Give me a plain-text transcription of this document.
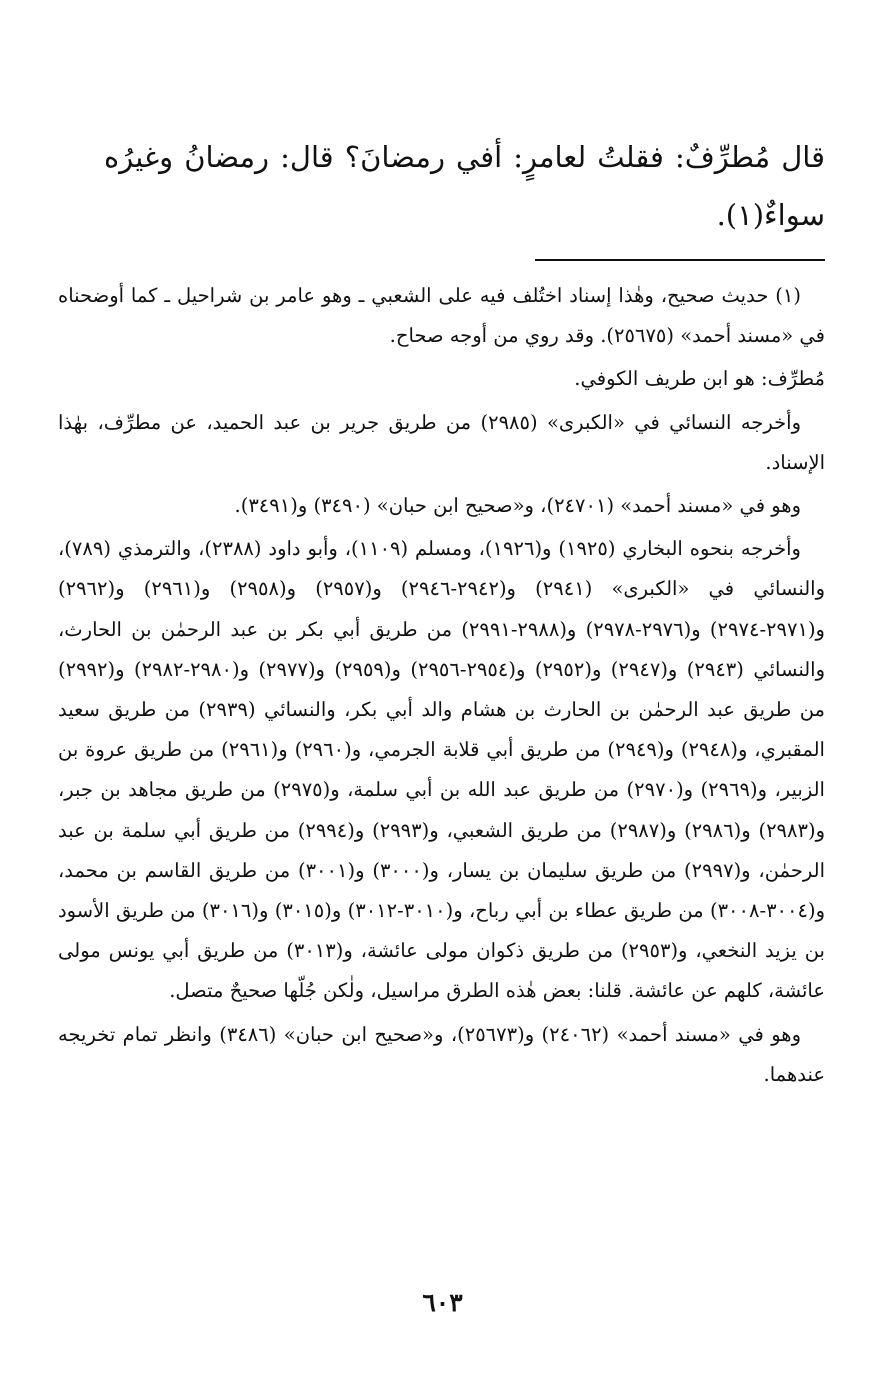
قال مُطرِّفٌ: فقلتُ لعامرٍ: أفي رمضانَ؟ قال: رمضانُ وغيرُه سواءٌ(١).

(١) حديث صحيح، وهٰذا إسناد اختُلف فيه على الشعبي ـ وهو عامر بن شراحيل ـ كما أوضحناه في «مسند أحمد» (٢٥٦٧٥). وقد روي من أوجه صحاح.

مُطرِّف: هو ابن طريف الكوفي.

وأخرجه النسائي في «الكبرى» (٢٩٨٥) من طريق جرير بن عبد الحميد، عن مطرِّف، بهٰذا الإسناد.

وهو في «مسند أحمد» (٢٤٧٠١)، و«صحيح ابن حبان» (٣٤٩٠) و(٣٤٩١).

وأخرجه بنحوه البخاري (١٩٢٥) و(١٩٢٦)، ومسلم (١١٠٩)، وأبو داود (٢٣٨٨)، والترمذي (٧٨٩)، والنسائي في «الكبرى» (٢٩٤١) و(٢٩٤٢-٢٩٤٦) و(٢٩٥٧) و(٢٩٥٨) و(٢٩٦١) و(٢٩٦٢) و(٢٩٧١-٢٩٧٤) و(٢٩٧٦-٢٩٧٨) و(٢٩٨٨-٢٩٩١) من طريق أبي بكر بن عبد الرحمٰن بن الحارث، والنسائي (٢٩٤٣) و(٢٩٤٧) و(٢٩٥٢) و(٢٩٥٤-٢٩٥٦) و(٢٩٥٩) و(٢٩٧٧) و(٢٩٨٠-٢٩٨٢) و(٢٩٩٢) من طريق عبد الرحمٰن بن الحارث بن هشام والد أبي بكر، والنسائي (٢٩٣٩) من طريق سعيد المقبري، و(٢٩٤٨) و(٢٩٤٩) من طريق أبي قلابة الجرمي، و(٢٩٦٠) و(٢٩٦١) من طريق عروة بن الزبير، و(٢٩٦٩) و(٢٩٧٠) من طريق عبد الله بن أبي سلمة، و(٢٩٧٥) من طريق مجاهد بن جبر، و(٢٩٨٣) و(٢٩٨٦) و(٢٩٨٧) من طريق الشعبي، و(٢٩٩٣) و(٢٩٩٤) من طريق أبي سلمة بن عبد الرحمٰن، و(٢٩٩٧) من طريق سليمان بن يسار، و(٣٠٠٠) و(٣٠٠١) من طريق القاسم بن محمد، و(٣٠٠٤-٣٠٠٨) من طريق عطاء بن أبي رباح، و(٣٠١٠-٣٠١٢) و(٣٠١٥) و(٣٠١٦) من طريق الأسود بن يزيد النخعي، و(٢٩٥٣) من طريق ذكوان مولى عائشة، و(٣٠١٣) من طريق أبي يونس مولى عائشة، كلهم عن عائشة. قلنا: بعض هٰذه الطرق مراسيل، ولٰكن جُلّها صحيحٌ متصل.

وهو في «مسند أحمد» (٢٤٠٦٢) و(٢٥٦٧٣)، و«صحيح ابن حبان» (٣٤٨٦) وانظر تمام تخريجه عندهما.

٦٠٣
